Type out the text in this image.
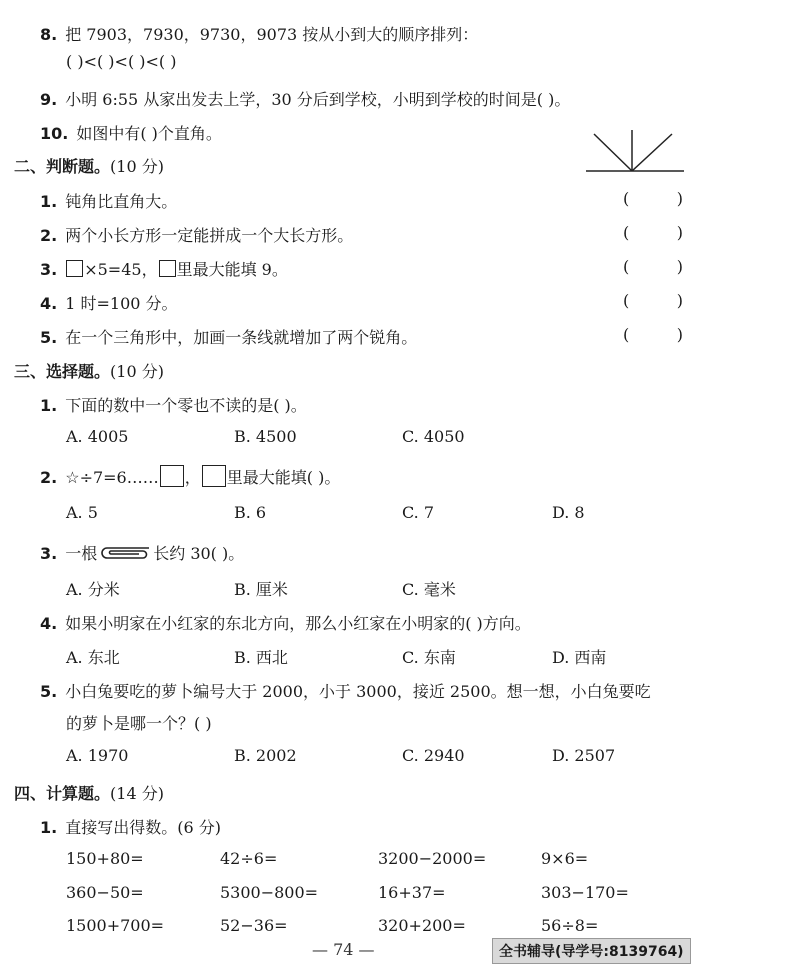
8. 把 7903，7930，9730，9073 按从小到大的顺序排列：
( )<( )<( )<( )
9. 小明 6:55 从家出发去上学，30 分后到学校，小明到学校的时间是( )。
10. 如图中有( )个直角。
二、判断题。(10 分)
1. 钝角比直角大。	(	)
2. 两个小长方形一定能拼成一个大长方形。	(	)
3. ×5=45， 里最大能填 9。	(	)
4. 1 时=100 分。	(	)
5. 在一个三角形中，加画一条线就增加了两个锐角。	(	)
三、选择题。(10 分)
1. 下面的数中一个零也不读的是( )。
A. 4005	B. 4500	C. 4050
2. ☆÷7=6…… ， 里最大能填( )。
A. 5	B. 6	C. 7	D. 8
3. 一根	长约 30( )。
A. 分米	B. 厘米	C. 毫米
4. 如果小明家在小红家的东北方向，那么小红家在小明家的( )方向。
A. 东北	B. 西北	C. 东南	D. 西南
5. 小白兔要吃的萝卜编号大于 2000，小于 3000，接近 2500。想一想，小白兔要吃
的萝卜是哪一个？( )
A. 1970	B. 2002	C. 2940	D. 2507
四、计算题。(14 分)
1. 直接写出得数。(6 分)
150+80=	42÷6=	3200−2000=	9×6=
360−50=	5300−800=	16+37=	303−170=
1500+700=	52−36=	320+200=	56÷8=
— 74 —	全书辅导(导学号:8139764)
